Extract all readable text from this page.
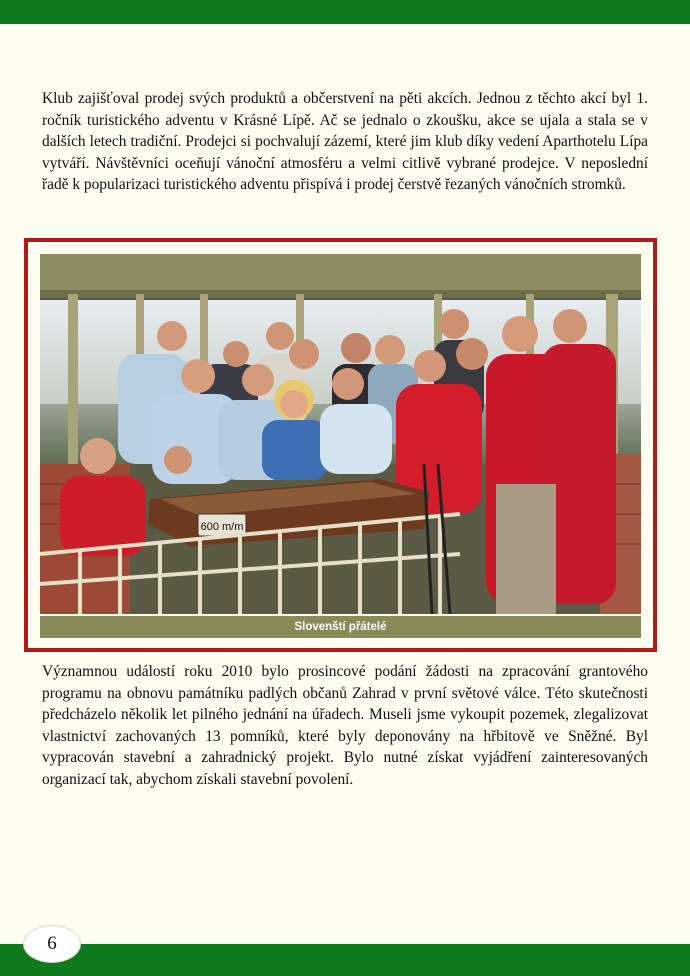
Klub zajišťoval prodej svých produktů a občerstvení na pěti akcích. Jednou z těchto akcí byl 1. ročník turistického adventu v Krásné Lípě. Ač se jednalo o zkoušku, akce se ujala a stala se v dalších letech tradiční. Prodejci si pochvalují zázemí, které jim klub díky vedení Aparthotelu Lípa vytváří. Návštěvníci oceňují vánoční atmosféru a velmi citlivě vybrané prodejce. V neposlední řadě k popularizaci turistického adventu přispívá i prodej čerstvě řezaných vánočních stromků.

600 m/m
Slovenští přátelé

Významnou událostí roku 2010 bylo prosincové podání žádosti na zpracování grantového programu na obnovu památníku padlých občanů Zahrad v první světové válce. Této skutečnosti předcházelo několik let pilného jednání na úřadech. Museli jsme vykoupit pozemek, zlegalizovat vlastnictví zachovaných 13 pomníků, které byly deponovány na hřbitově ve Sněžné. Byl vypracován stavební a zahradnický projekt. Bylo nutné získat vyjádření zainteresovaných organizací tak, abychom získali stavební povolení.

6
